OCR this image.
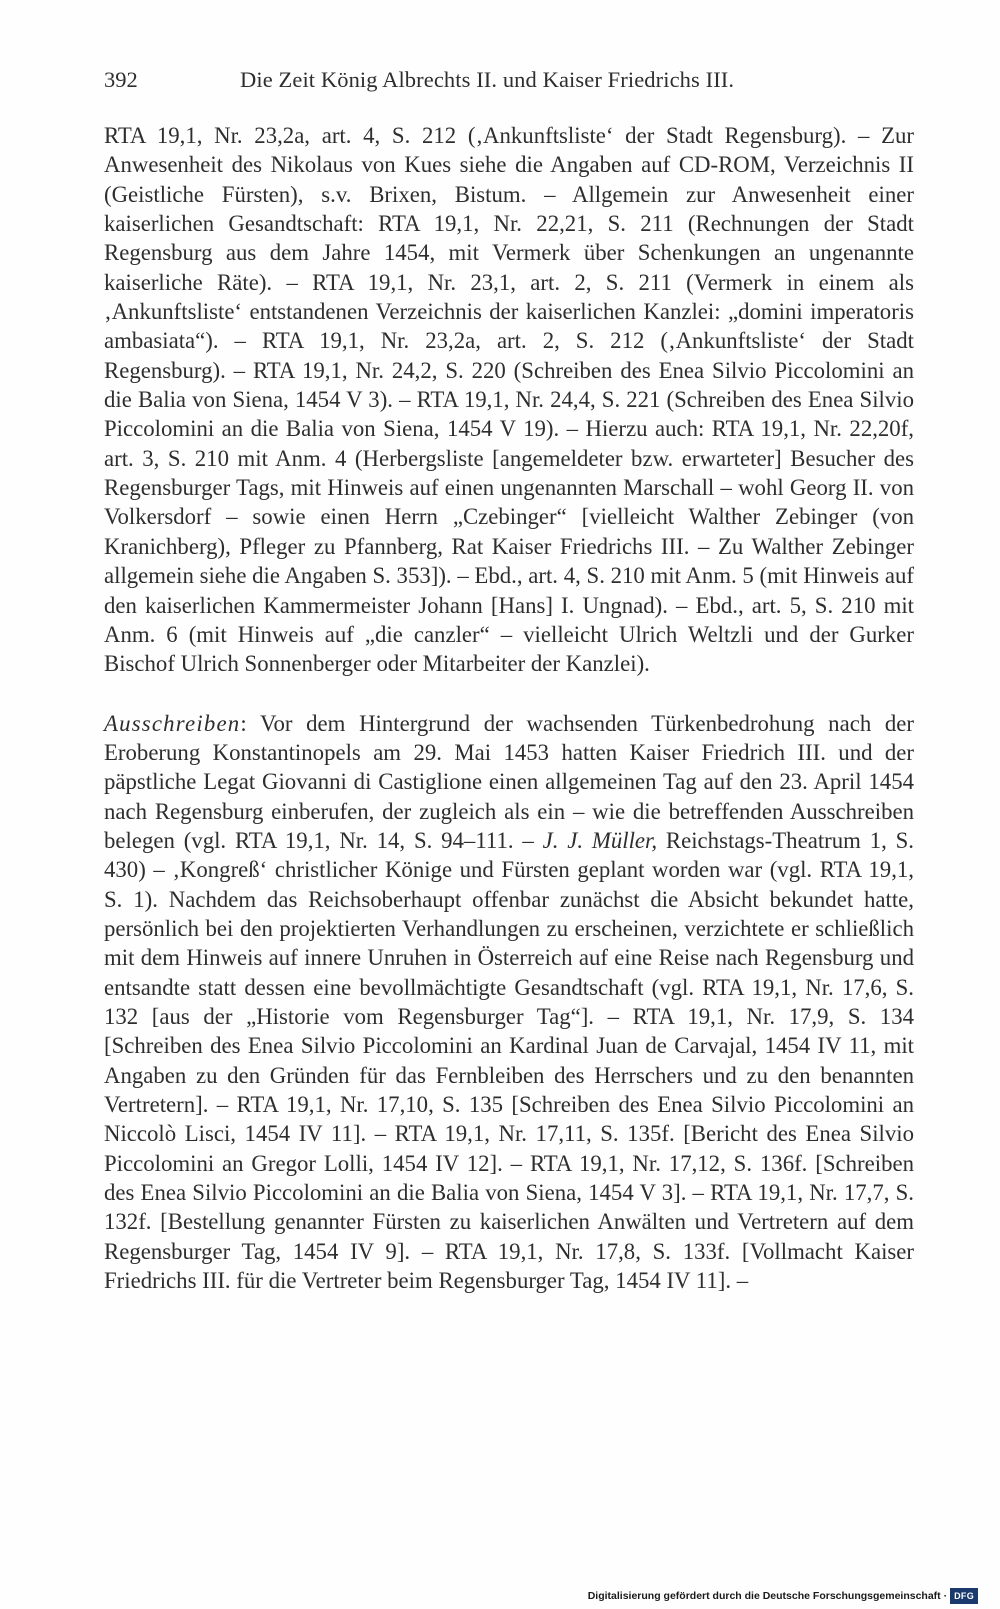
392	Die Zeit König Albrechts II. und Kaiser Friedrichs III.

RTA 19,1, Nr. 23,2a, art. 4, S. 212 (‚Ankunftsliste‘ der Stadt Regensburg). – Zur Anwesenheit des Nikolaus von Kues siehe die Angaben auf CD-ROM, Verzeichnis II (Geistliche Fürsten), s.v. Brixen, Bistum. – Allgemein zur Anwesenheit einer kaiserlichen Gesandtschaft: RTA 19,1, Nr. 22,21, S. 211 (Rechnungen der Stadt Regensburg aus dem Jahre 1454, mit Vermerk über Schenkungen an ungenannte kaiserliche Räte). – RTA 19,1, Nr. 23,1, art. 2, S. 211 (Vermerk in einem als ‚Ankunftsliste‘ entstandenen Verzeichnis der kaiserlichen Kanzlei: „domini imperatoris ambasiata“). – RTA 19,1, Nr. 23,2a, art. 2, S. 212 (‚Ankunftsliste‘ der Stadt Regensburg). – RTA 19,1, Nr. 24,2, S. 220 (Schreiben des Enea Silvio Piccolomini an die Balia von Siena, 1454 V 3). – RTA 19,1, Nr. 24,4, S. 221 (Schreiben des Enea Silvio Piccolomini an die Balia von Siena, 1454 V 19). – Hierzu auch: RTA 19,1, Nr. 22,20f, art. 3, S. 210 mit Anm. 4 (Herbergsliste [angemeldeter bzw. erwarteter] Besucher des Regensburger Tags, mit Hinweis auf einen ungenannten Marschall – wohl Georg II. von Volkersdorf – sowie einen Herrn „Czebinger“ [vielleicht Walther Zebinger (von Kranichberg), Pfleger zu Pfannberg, Rat Kaiser Friedrichs III. – Zu Walther Zebinger allgemein siehe die Angaben S. 353]). – Ebd., art. 4, S. 210 mit Anm. 5 (mit Hinweis auf den kaiserlichen Kammermeister Johann [Hans] I. Ungnad). – Ebd., art. 5, S. 210 mit Anm. 6 (mit Hinweis auf „die canzler“ – vielleicht Ulrich Weltzli und der Gurker Bischof Ulrich Sonnenberger oder Mitarbeiter der Kanzlei).

Ausschreiben: Vor dem Hintergrund der wachsenden Türkenbedrohung nach der Eroberung Konstantinopels am 29. Mai 1453 hatten Kaiser Friedrich III. und der päpstliche Legat Giovanni di Castiglione einen allgemeinen Tag auf den 23. April 1454 nach Regensburg einberufen, der zugleich als ein – wie die betreffenden Ausschreiben belegen (vgl. RTA 19,1, Nr. 14, S. 94–111. – J. J. Müller, Reichstags-Theatrum 1, S. 430) – ‚Kongreß‘ christlicher Könige und Fürsten geplant worden war (vgl. RTA 19,1, S. 1). Nachdem das Reichsoberhaupt offenbar zunächst die Absicht bekundet hatte, persönlich bei den projektierten Verhandlungen zu erscheinen, verzichtete er schließlich mit dem Hinweis auf innere Unruhen in Österreich auf eine Reise nach Regensburg und entsandte statt dessen eine bevollmächtigte Gesandtschaft (vgl. RTA 19,1, Nr. 17,6, S. 132 [aus der „Historie vom Regensburger Tag“]. – RTA 19,1, Nr. 17,9, S. 134 [Schreiben des Enea Silvio Piccolomini an Kardinal Juan de Carvajal, 1454 IV 11, mit Angaben zu den Gründen für das Fernbleiben des Herrschers und zu den benannten Vertretern]. – RTA 19,1, Nr. 17,10, S. 135 [Schreiben des Enea Silvio Piccolomini an Niccolò Lisci, 1454 IV 11]. – RTA 19,1, Nr. 17,11, S. 135f. [Bericht des Enea Silvio Piccolomini an Gregor Lolli, 1454 IV 12]. – RTA 19,1, Nr. 17,12, S. 136f. [Schreiben des Enea Silvio Piccolomini an die Balia von Siena, 1454 V 3]. – RTA 19,1, Nr. 17,7, S. 132f. [Bestellung genannter Fürsten zu kaiserlichen Anwälten und Vertretern auf dem Regensburger Tag, 1454 IV 9]. – RTA 19,1, Nr. 17,8, S. 133f. [Vollmacht Kaiser Friedrichs III. für die Vertreter beim Regensburger Tag, 1454 IV 11]. –

Digitalisierung gefördert durch die Deutsche Forschungsgemeinschaft · DFG
